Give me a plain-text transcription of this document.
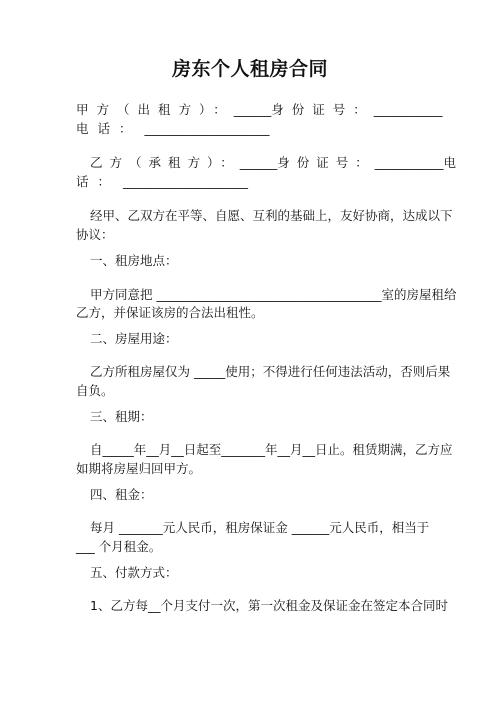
房东个人租房合同
甲方（出租方）： ______ 身份证号： ___________
电话： ____________________
乙方（承租方）： ______ 身份证号： ___________ 电
话： ____________________
经甲、乙双方在平等、自愿、互利的基础上，友好协商，达成以下
协议：
一、租房地点：
甲方同意把 ____________________________________室的房屋租给
乙方，并保证该房的合法出租性。
二、房屋用途：
乙方所租房屋仅为 _____使用；不得进行任何违法活动，否则后果
自负。
三、租期：
自_____年__月__日起至_______年__月__日止。租赁期满，乙方应
如期将房屋归回甲方。
四、租金：
每月 _______元人民币，租房保证金 ______元人民币，相当于
___ 个月租金。
五、付款方式：
1、乙方每__个月支付一次，第一次租金及保证金在签定本合同时
